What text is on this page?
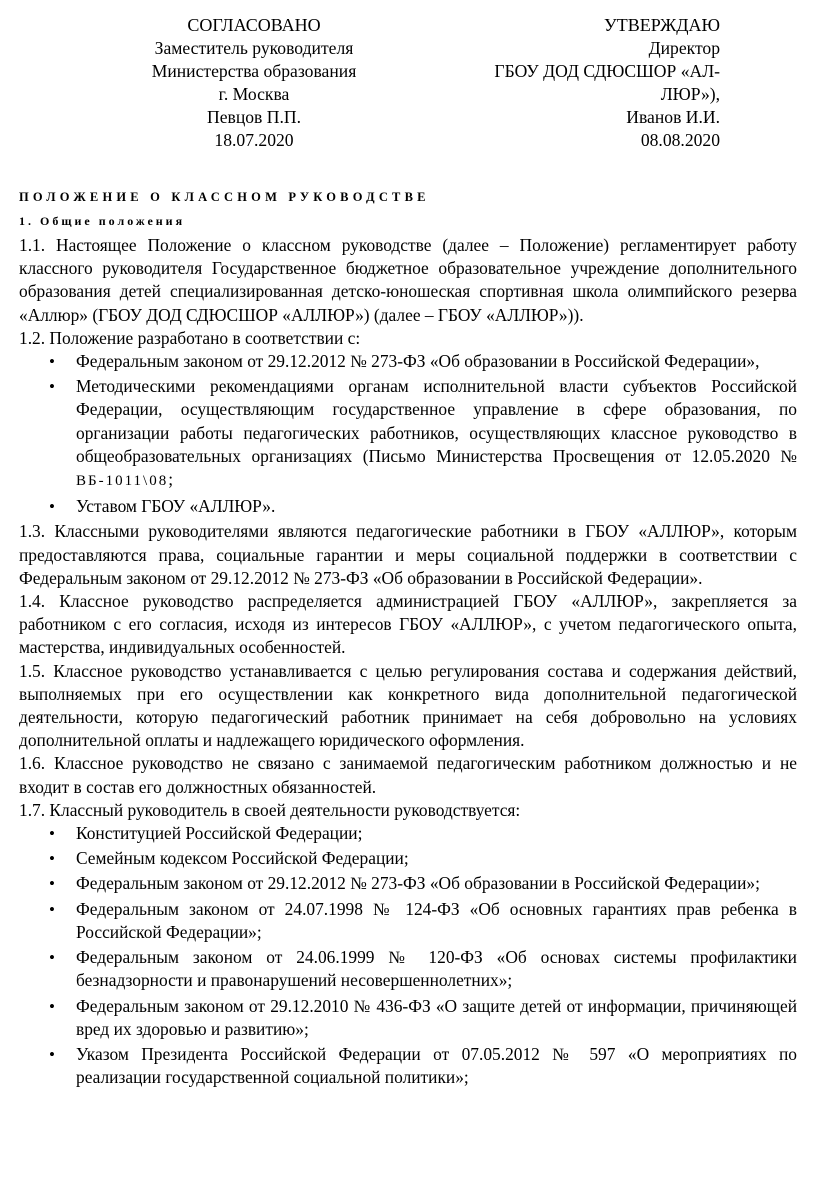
СОГЛАСОВАНО
Заместитель руководителя
Министерства образования
г. Москва
Певцов П.П.
18.07.2020
УТВЕРЖДАЮ
Директор
ГБОУ ДОД СДЮСШОР «АЛ-
ЛЮР»),
Иванов И.И.
08.08.2020
ПОЛОЖЕНИЕ О КЛАССНОМ РУКОВОДСТВЕ
1. Общие положения

1.1. Настоящее Положение о классном руководстве (далее – Положение) регламентирует работу классного руководителя Государственное бюджетное образовательное учреждение дополнительного образования детей специализированная детско-юношеская спортивная школа олимпийского резерва «Аллюр» (ГБОУ ДОД СДЮСШОР «АЛЛЮР») (далее – ГБОУ «АЛЛЮР»)).

1.2. Положение разработано в соответствии с:

• Федеральным законом от 29.12.2012 № 273-ФЗ «Об образовании в Российской Федерации»,
• Методическими рекомендациями органам исполнительной власти субъектов Российской Федерации, осуществляющим государственное управление в сфере образования, по организации работы педагогических работников, осуществляющих классное руководство в общеобразовательных организациях (Письмо Министерства Просвещения от 12.05.2020 № ВБ-1011\08;
• Уставом ГБОУ «АЛЛЮР».

1.3. Классными руководителями являются педагогические работники в ГБОУ «АЛЛЮР», которым предоставляются права, социальные гарантии и меры социальной поддержки в соответствии с Федеральным законом от 29.12.2012 № 273-ФЗ «Об образовании в Российской Федерации».

1.4. Классное руководство распределяется администрацией ГБОУ «АЛЛЮР», закрепляется за работником с его согласия, исходя из интересов ГБОУ «АЛЛЮР», с учетом педагогического опыта, мастерства, индивидуальных особенностей.

1.5. Классное руководство устанавливается с целью регулирования состава и содержания действий, выполняемых при его осуществлении как конкретного вида дополнительной педагогической деятельности, которую педагогический работник принимает на себя добровольно на условиях дополнительной оплаты и надлежащего юридического оформления.

1.6. Классное руководство не связано с занимаемой педагогическим работником должностью и не входит в состав его должностных обязанностей.

1.7. Классный руководитель в своей деятельности руководствуется:

• Конституцией Российской Федерации;
• Семейным кодексом Российской Федерации;
• Федеральным законом от 29.12.2012 № 273-ФЗ «Об образовании в Российской Федерации»;
• Федеральным законом от 24.07.1998 № 124-ФЗ «Об основных гарантиях прав ребенка в Российской Федерации»;
• Федеральным законом от 24.06.1999 № 120-ФЗ «Об основах системы профилактики безнадзорности и правонарушений несовершеннолетних»;
• Федеральным законом от 29.12.2010 № 436-ФЗ «О защите детей от информации, причиняющей вред их здоровью и развитию»;
• Указом Президента Российской Федерации от 07.05.2012 № 597 «О мероприятиях по реализации государственной социальной политики»;
